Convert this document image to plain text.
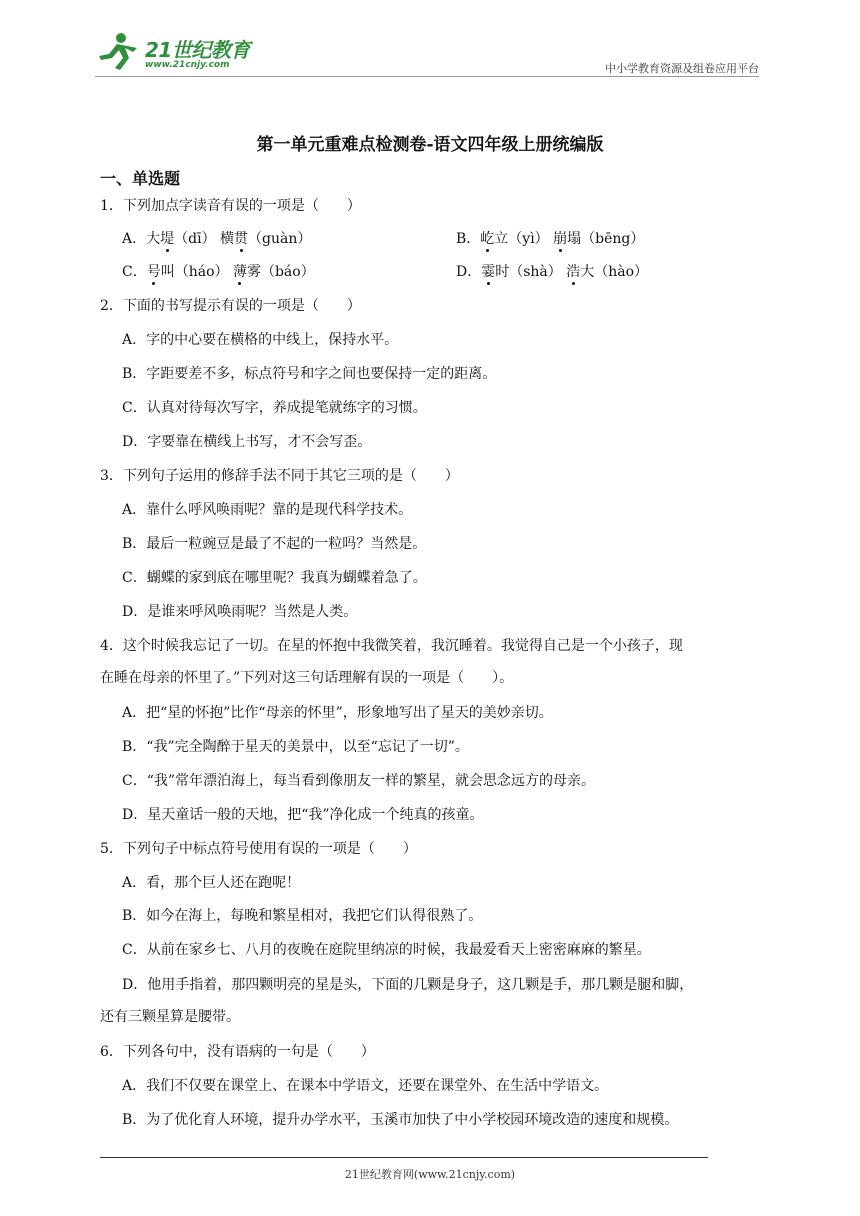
21世纪教育
www.21cnjy.com	中小学教育资源及组卷应用平台
第一单元重难点检测卷-语文四年级上册统编版
一、单选题
1．下列加点字读音有误的一项是（　　）
A．大堤（dī） 横贯（guàn）	B．屹立（yì） 崩塌（bēng）
C．号叫（háo） 薄雾（báo）	D．霎时（shà） 浩大（hào）
2．下面的书写提示有误的一项是（　　）
A．字的中心要在横格的中线上，保持水平。
B．字距要差不多，标点符号和字之间也要保持一定的距离。
C．认真对待每次写字，养成提笔就练字的习惯。
D．字要靠在横线上书写，才不会写歪。
3．下列句子运用的修辞手法不同于其它三项的是（　　）
A．靠什么呼风唤雨呢？靠的是现代科学技术。
B．最后一粒豌豆是最了不起的一粒吗？当然是。
C．蝴蝶的家到底在哪里呢？我真为蝴蝶着急了。
D．是谁来呼风唤雨呢？当然是人类。
4．这个时候我忘记了一切。在星的怀抱中我微笑着，我沉睡着。我觉得自己是一个小孩子，现
在睡在母亲的怀里了。”下列对这三句话理解有误的一项是（　　）。
A．把“星的怀抱”比作“母亲的怀里”，形象地写出了星天的美妙亲切。
B．“我”完全陶醉于星天的美景中，以至“忘记了一切”。
C．“我”常年漂泊海上，每当看到像朋友一样的繁星，就会思念远方的母亲。
D．星天童话一般的天地，把“我”净化成一个纯真的孩童。
5．下列句子中标点符号使用有误的一项是（　　）
A．看，那个巨人还在跑呢！
B．如今在海上，每晚和繁星相对，我把它们认得很熟了。
C．从前在家乡七、八月的夜晚在庭院里纳凉的时候，我最爱看天上密密麻麻的繁星。
D．他用手指着，那四颗明亮的星是头，下面的几颗是身子，这几颗是手，那几颗是腿和脚，
还有三颗星算是腰带。
6．下列各句中，没有语病的一句是（　　）
A．我们不仅要在课堂上、在课本中学语文，还要在课堂外、在生活中学语文。
B．为了优化育人环境，提升办学水平，玉溪市加快了中小学校园环境改造的速度和规模。
21世纪教育网(www.21cnjy.com)
